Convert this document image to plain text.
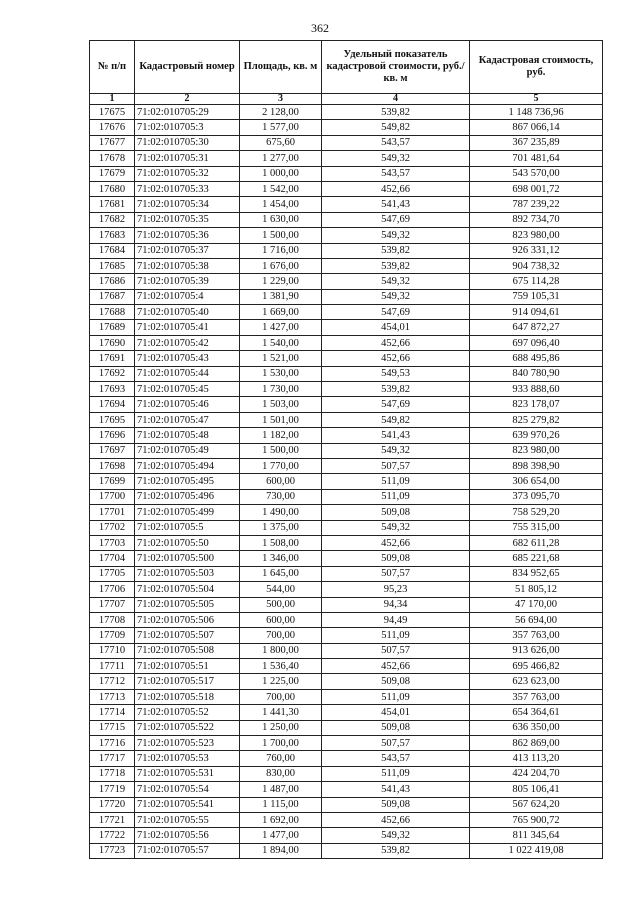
362
№ п/п	Кадастровый номер	Площадь, кв. м	Удельный показатель кадастровой стоимости, руб./кв. м	Кадастровая стоимость, руб.
1	2	3	4	5
17675	71:02:010705:29	2 128,00	539,82	1 148 736,96
17676	71:02:010705:3	1 577,00	549,82	867 066,14
17677	71:02:010705:30	675,60	543,57	367 235,89
17678	71:02:010705:31	1 277,00	549,32	701 481,64
17679	71:02:010705:32	1 000,00	543,57	543 570,00
17680	71:02:010705:33	1 542,00	452,66	698 001,72
17681	71:02:010705:34	1 454,00	541,43	787 239,22
17682	71:02:010705:35	1 630,00	547,69	892 734,70
17683	71:02:010705:36	1 500,00	549,32	823 980,00
17684	71:02:010705:37	1 716,00	539,82	926 331,12
17685	71:02:010705:38	1 676,00	539,82	904 738,32
17686	71:02:010705:39	1 229,00	549,32	675 114,28
17687	71:02:010705:4	1 381,90	549,32	759 105,31
17688	71:02:010705:40	1 669,00	547,69	914 094,61
17689	71:02:010705:41	1 427,00	454,01	647 872,27
17690	71:02:010705:42	1 540,00	452,66	697 096,40
17691	71:02:010705:43	1 521,00	452,66	688 495,86
17692	71:02:010705:44	1 530,00	549,53	840 780,90
17693	71:02:010705:45	1 730,00	539,82	933 888,60
17694	71:02:010705:46	1 503,00	547,69	823 178,07
17695	71:02:010705:47	1 501,00	549,82	825 279,82
17696	71:02:010705:48	1 182,00	541,43	639 970,26
17697	71:02:010705:49	1 500,00	549,32	823 980,00
17698	71:02:010705:494	1 770,00	507,57	898 398,90
17699	71:02:010705:495	600,00	511,09	306 654,00
17700	71:02:010705:496	730,00	511,09	373 095,70
17701	71:02:010705:499	1 490,00	509,08	758 529,20
17702	71:02:010705:5	1 375,00	549,32	755 315,00
17703	71:02:010705:50	1 508,00	452,66	682 611,28
17704	71:02:010705:500	1 346,00	509,08	685 221,68
17705	71:02:010705:503	1 645,00	507,57	834 952,65
17706	71:02:010705:504	544,00	95,23	51 805,12
17707	71:02:010705:505	500,00	94,34	47 170,00
17708	71:02:010705:506	600,00	94,49	56 694,00
17709	71:02:010705:507	700,00	511,09	357 763,00
17710	71:02:010705:508	1 800,00	507,57	913 626,00
17711	71:02:010705:51	1 536,40	452,66	695 466,82
17712	71:02:010705:517	1 225,00	509,08	623 623,00
17713	71:02:010705:518	700,00	511,09	357 763,00
17714	71:02:010705:52	1 441,30	454,01	654 364,61
17715	71:02:010705:522	1 250,00	509,08	636 350,00
17716	71:02:010705:523	1 700,00	507,57	862 869,00
17717	71:02:010705:53	760,00	543,57	413 113,20
17718	71:02:010705:531	830,00	511,09	424 204,70
17719	71:02:010705:54	1 487,00	541,43	805 106,41
17720	71:02:010705:541	1 115,00	509,08	567 624,20
17721	71:02:010705:55	1 692,00	452,66	765 900,72
17722	71:02:010705:56	1 477,00	549,32	811 345,64
17723	71:02:010705:57	1 894,00	539,82	1 022 419,08
